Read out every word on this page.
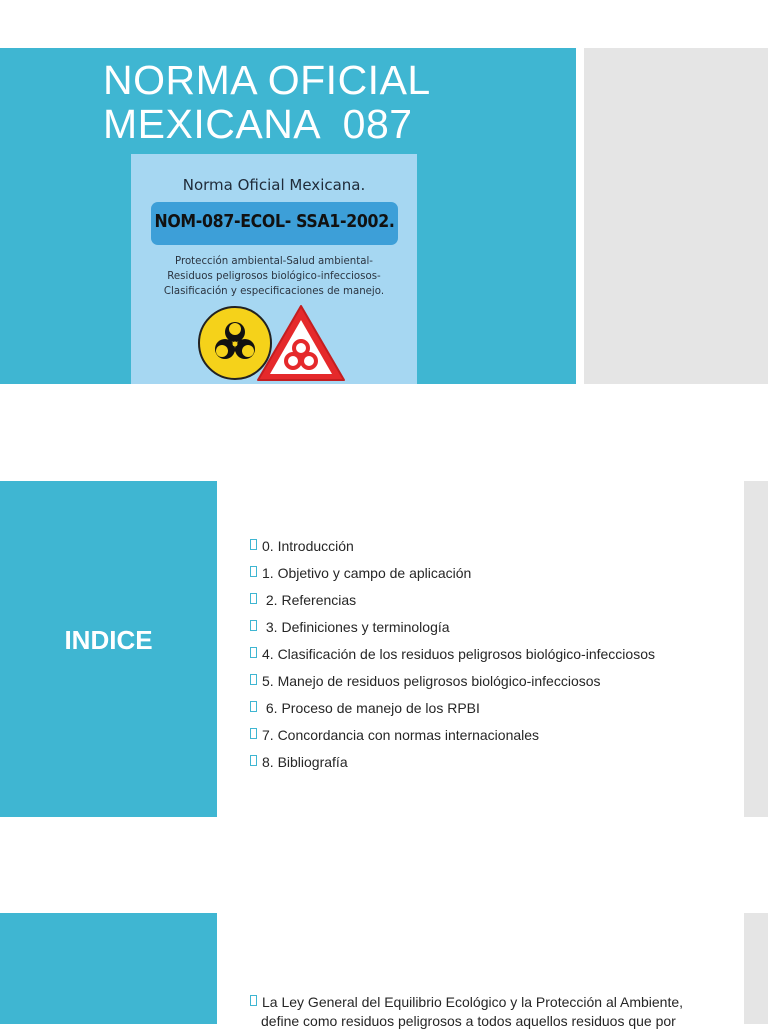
NORMA OFICIAL
MEXICANA  087
Norma Oficial Mexicana.
NOM-087-ECOL- SSA1-2002.
Protección ambiental-Salud ambiental-
Residuos peligrosos biológico-infecciosos-
Clasificación y especificaciones de manejo.
INDICE
0. Introducción
1. Objetivo y campo de aplicación
2. Referencias
3. Definiciones y terminología
4. Clasificación de los residuos peligrosos biológico-infecciosos
5. Manejo de residuos peligrosos biológico-infecciosos
6. Proceso de manejo de los RPBI
7. Concordancia con normas internacionales
8. Bibliografía
La Ley General del Equilibrio Ecológico y la Protección al Ambiente,
define como residuos peligrosos a todos aquellos residuos que por
